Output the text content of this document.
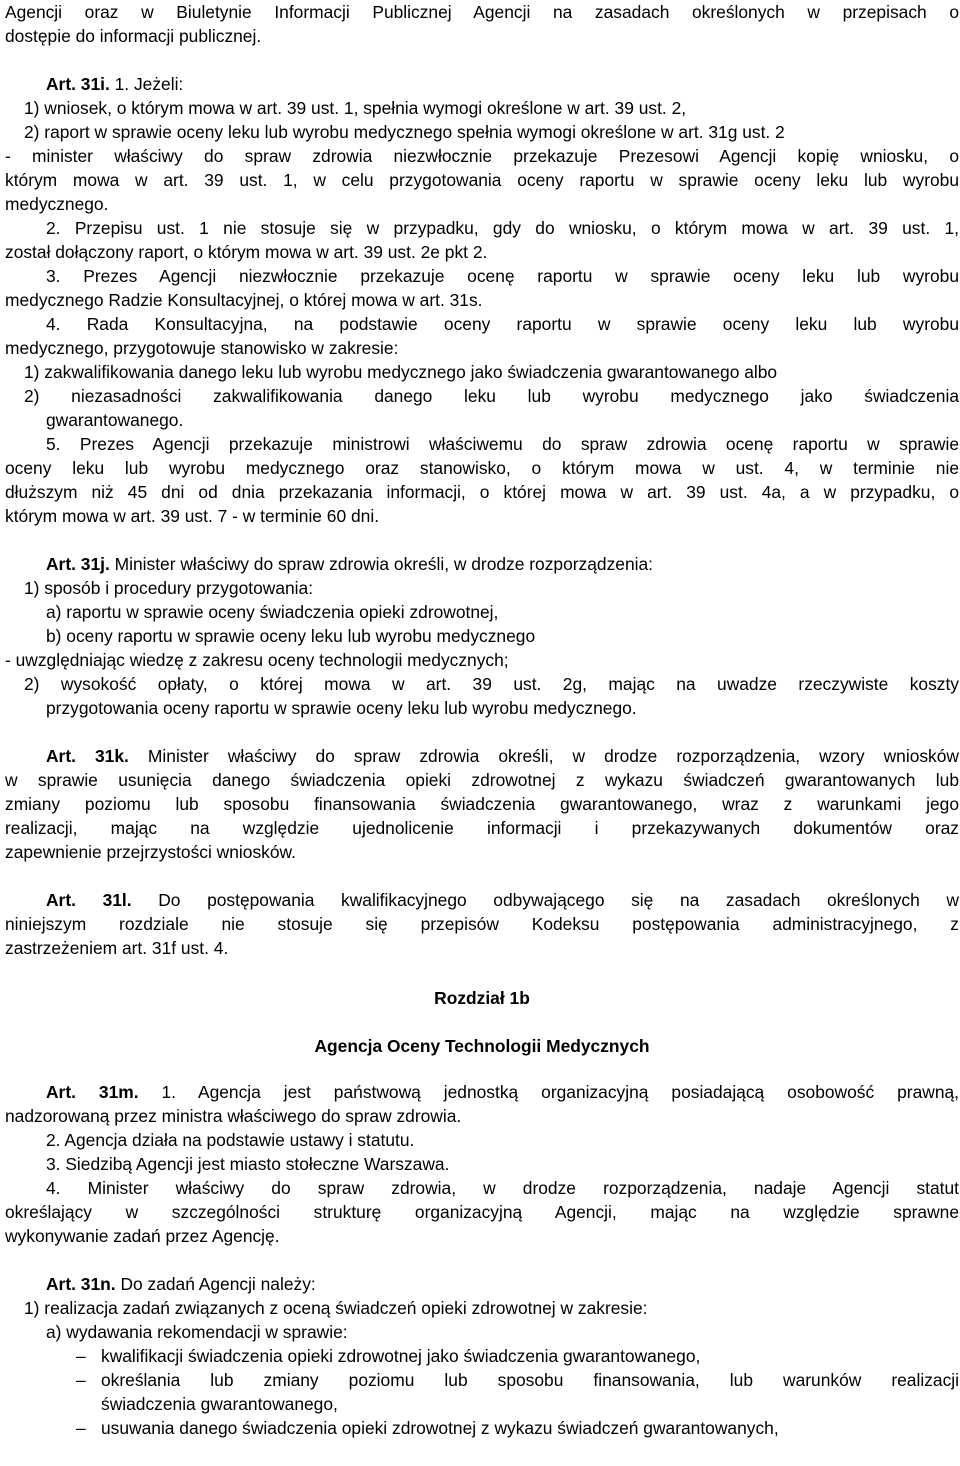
Agencji oraz w Biuletynie Informacji Publicznej Agencji na zasadach określonych w przepisach o
dostępie do informacji publicznej.
Art. 31i. 1. Jeżeli:
1) wniosek, o którym mowa w art. 39 ust. 1, spełnia wymogi określone w art. 39 ust. 2,
2) raport w sprawie oceny leku lub wyrobu medycznego spełnia wymogi określone w art. 31g ust. 2
- minister właściwy do spraw zdrowia niezwłocznie przekazuje Prezesowi Agencji kopię wniosku, o
którym mowa w art. 39 ust. 1, w celu przygotowania oceny raportu w sprawie oceny leku lub wyrobu
medycznego.
2. Przepisu ust. 1 nie stosuje się w przypadku, gdy do wniosku, o którym mowa w art. 39 ust. 1,
został dołączony raport, o którym mowa w art. 39 ust. 2e pkt 2.
3. Prezes Agencji niezwłocznie przekazuje ocenę raportu w sprawie oceny leku lub wyrobu
medycznego Radzie Konsultacyjnej, o której mowa w art. 31s.
4. Rada Konsultacyjna, na podstawie oceny raportu w sprawie oceny leku lub wyrobu
medycznego, przygotowuje stanowisko w zakresie:
1) zakwalifikowania danego leku lub wyrobu medycznego jako świadczenia gwarantowanego albo
2) niezasadności zakwalifikowania danego leku lub wyrobu medycznego jako świadczenia
gwarantowanego.
5. Prezes Agencji przekazuje ministrowi właściwemu do spraw zdrowia ocenę raportu w sprawie
oceny leku lub wyrobu medycznego oraz stanowisko, o którym mowa w ust. 4, w terminie nie
dłuższym niż 45 dni od dnia przekazania informacji, o której mowa w art. 39 ust. 4a, a w przypadku, o
którym mowa w art. 39 ust. 7 - w terminie 60 dni.
Art. 31j. Minister właściwy do spraw zdrowia określi, w drodze rozporządzenia:
1) sposób i procedury przygotowania:
a) raportu w sprawie oceny świadczenia opieki zdrowotnej,
b) oceny raportu w sprawie oceny leku lub wyrobu medycznego
- uwzględniając wiedzę z zakresu oceny technologii medycznych;
2) wysokość opłaty, o której mowa w art. 39 ust. 2g, mając na uwadze rzeczywiste koszty
przygotowania oceny raportu w sprawie oceny leku lub wyrobu medycznego.
Art. 31k. Minister właściwy do spraw zdrowia określi, w drodze rozporządzenia, wzory wniosków
w sprawie usunięcia danego świadczenia opieki zdrowotnej z wykazu świadczeń gwarantowanych lub
zmiany poziomu lub sposobu finansowania świadczenia gwarantowanego, wraz z warunkami jego
realizacji, mając na względzie ujednolicenie informacji i przekazywanych dokumentów oraz
zapewnienie przejrzystości wniosków.
Art. 31l. Do postępowania kwalifikacyjnego odbywającego się na zasadach określonych w
niniejszym rozdziale nie stosuje się przepisów Kodeksu postępowania administracyjnego, z
zastrzeżeniem art. 31f ust. 4.
Rozdział 1b
Agencja Oceny Technologii Medycznych
Art. 31m. 1. Agencja jest państwową jednostką organizacyjną posiadającą osobowość prawną,
nadzorowaną przez ministra właściwego do spraw zdrowia.
2. Agencja działa na podstawie ustawy i statutu.
3. Siedzibą Agencji jest miasto stołeczne Warszawa.
4. Minister właściwy do spraw zdrowia, w drodze rozporządzenia, nadaje Agencji statut
określający w szczególności strukturę organizacyjną Agencji, mając na względzie sprawne
wykonywanie zadań przez Agencję.
Art. 31n. Do zadań Agencji należy:
1) realizacja zadań związanych z oceną świadczeń opieki zdrowotnej w zakresie:
a) wydawania rekomendacji w sprawie:
– kwalifikacji świadczenia opieki zdrowotnej jako świadczenia gwarantowanego,
– określania lub zmiany poziomu lub sposobu finansowania, lub warunków realizacji
świadczenia gwarantowanego,
– usuwania danego świadczenia opieki zdrowotnej z wykazu świadczeń gwarantowanych,
